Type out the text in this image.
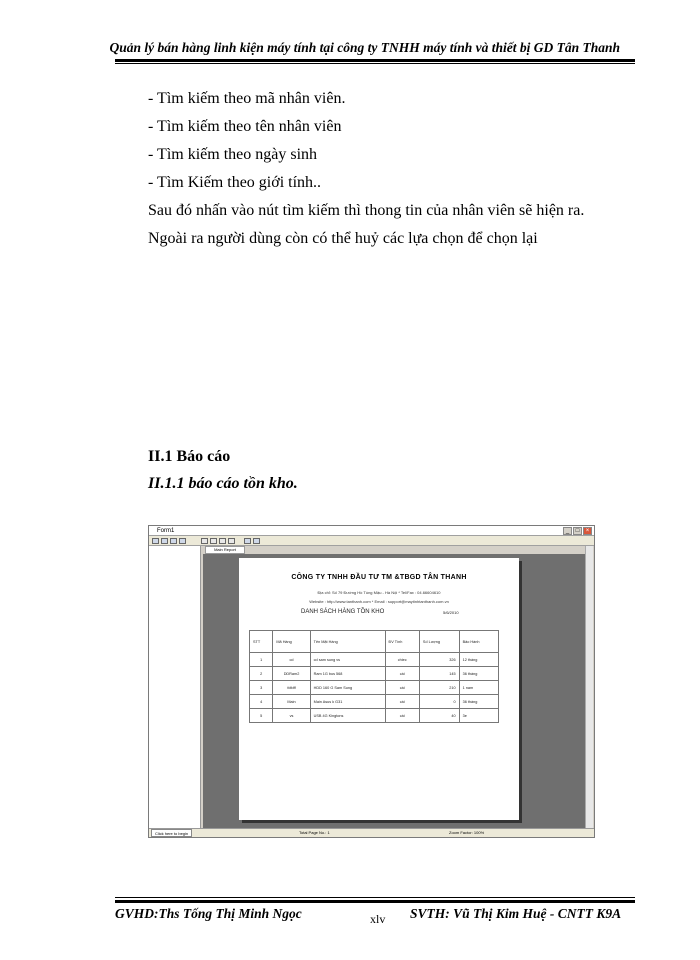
Quản lý bán hàng linh kiện máy tính tại công ty TNHH máy tính và thiết bị GD Tân Thanh
- Tìm kiếm theo mã nhân viên.
- Tìm kiếm theo tên nhân viên
- Tìm kiếm theo ngày sinh
- Tìm Kiếm theo giới tính..
Sau đó nhấn vào nút tìm kiếm thì thong tin của nhân viên sẽ hiện ra.
Ngoài ra người dùng còn có thể huỷ các lựa chọn để chọn lại
II.1 Báo cáo
II.1.1 báo cáo tồn kho.
Form1	_	□	×
Main Report
CÔNG TY TNHH ĐẦU TƯ TM &TBGD TÂN THANH
Địa chỉ: Số 79 Đường Hồ Tùng Mậu - Hà Nội * Tel/Fax : 04.66604610
Website : http://www.tanthanh.com * Email : support@maytinhtanthanh.com.vn
DANH SÁCH HÀNG TỒN KHO	5/6/2010
STT	Mã Hàng	Tên Mặt Hàng	ĐV Tính	Số Lượng	Bảo Hành
1	cd	cd sam sung vs	chiec	326	12 tháng
2	DDRam2	Ram 1G bus 568	cái	145	36 tháng
3	fdfdff	HDD 160 G Sam Sung	cái	210	1 nam
4	Main	Main Asus k G31	cái	0	36 tháng
5	vs	USB 4G Kingtons	cái	40	3e
Click here to begin	Total Page No.: 1	Zoom Factor: 100%
GVHD:Ths Tống Thị Minh Ngọc	xlv SVTH: Vũ Thị Kim Huệ - CNTT K9A
